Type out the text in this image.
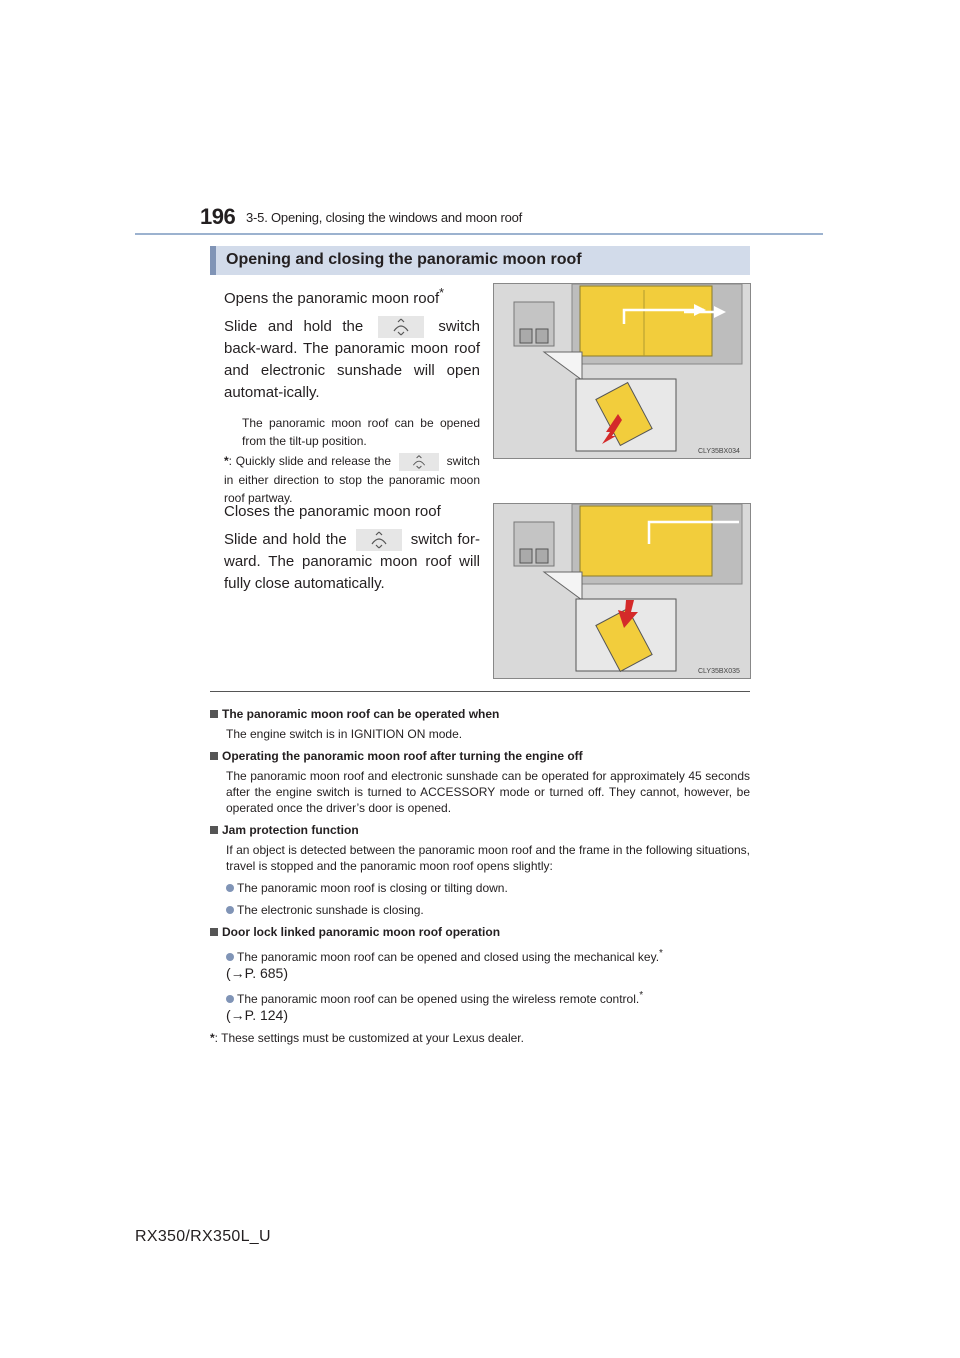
196 3-5. Opening, closing the windows and moon roof
Opening and closing the panoramic moon roof
Opens the panoramic moon roof*
Slide and hold the	switch back-ward. The panoramic moon roof and electronic sunshade will open automat-ically.
The panoramic moon roof can be opened from the tilt-up position.
*: Quickly slide and release the	switch in either direction to stop the panoramic moon roof partway.
CLY35BX034
Closes the panoramic moon roof
Slide and hold the	switch for-ward. The panoramic moon roof will fully close automatically.
CLY35BX035
The panoramic moon roof can be operated when
The engine switch is in IGNITION ON mode.
Operating the panoramic moon roof after turning the engine off
The panoramic moon roof and electronic sunshade can be operated for approximately 45 seconds after the engine switch is turned to ACCESSORY mode or turned off. They cannot, however, be operated once the driver’s door is opened.
Jam protection function
If an object is detected between the panoramic moon roof and the frame in the following situations, travel is stopped and the panoramic moon roof opens slightly:
The panoramic moon roof is closing or tilting down.
The electronic sunshade is closing.
Door lock linked panoramic moon roof operation
The panoramic moon roof can be opened and closed using the mechanical key.*
(→P. 685)
The panoramic moon roof can be opened using the wireless remote control.*
(→P. 124)
*: These settings must be customized at your Lexus dealer.
RX350/RX350L_U
